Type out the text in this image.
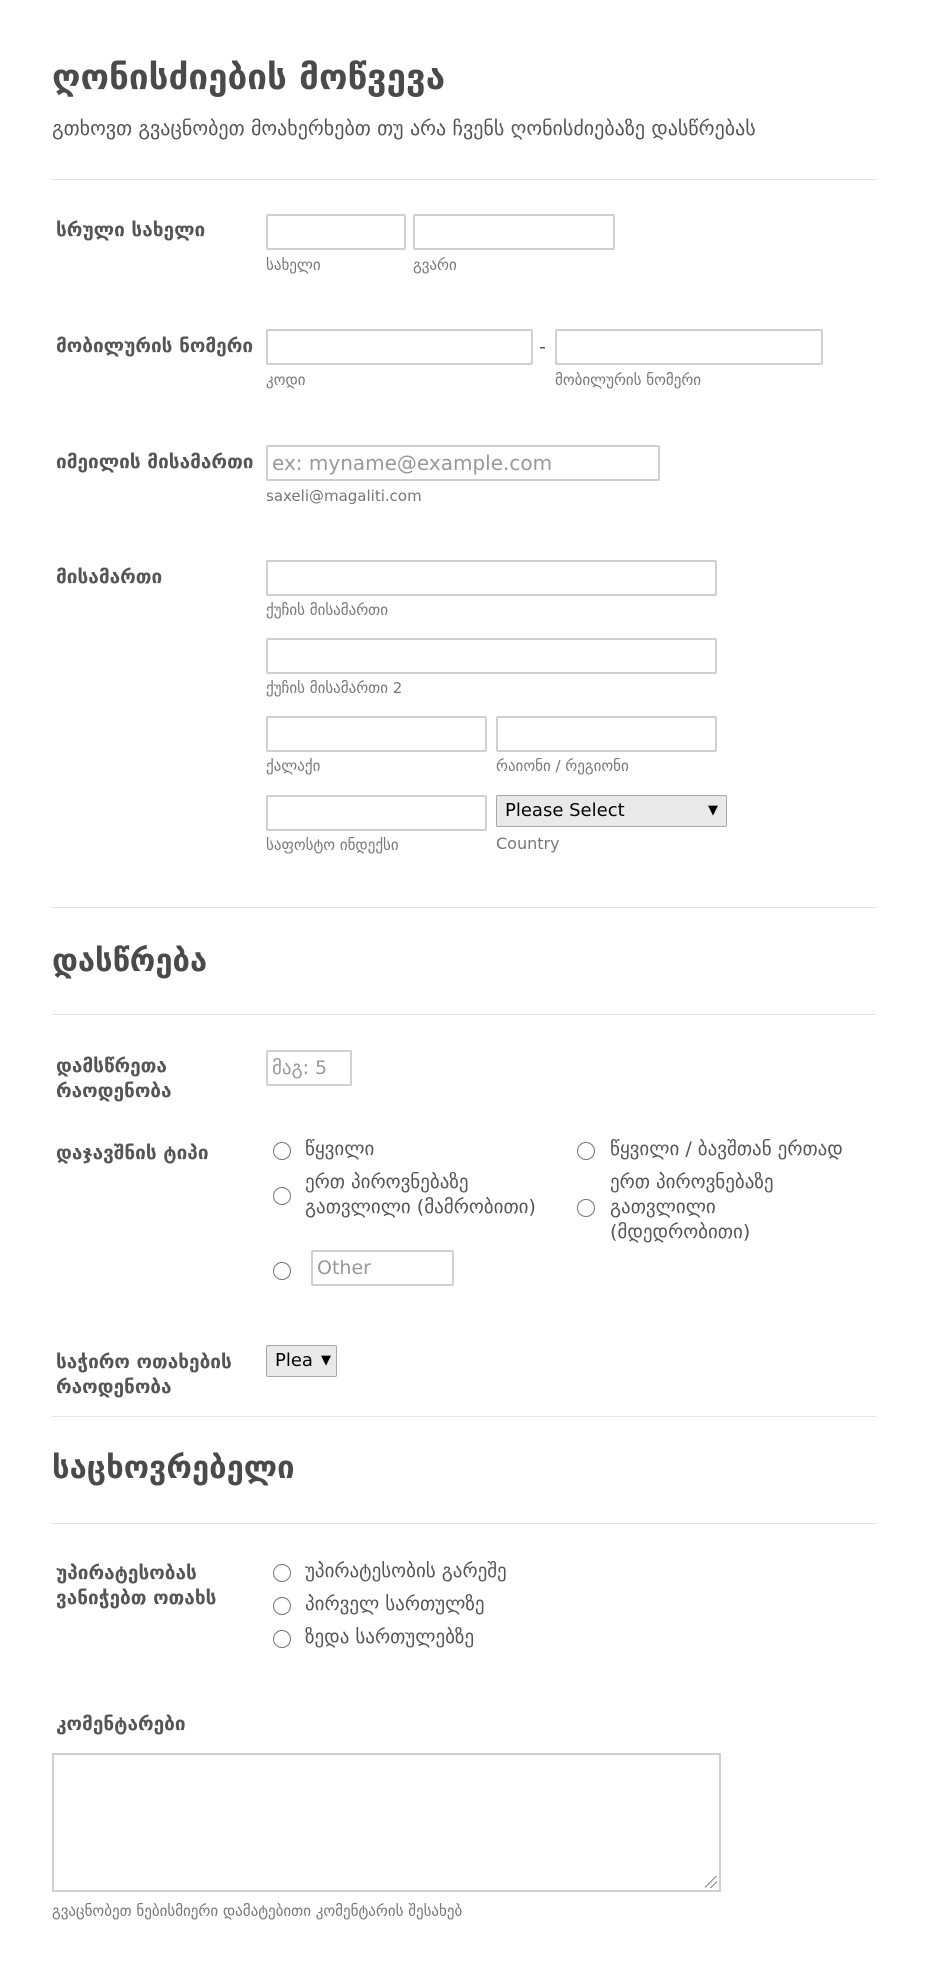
ღონისძიების მოწვევა
გთხოვთ გვაცნობეთ მოახერხებთ თუ არა ჩვენს ღონისძიებაზე დასწრებას
სრული სახელი
სახელი	გვარი
მობილურის ნომერი	-
კოდი	მობილურის ნომერი
იმეილის მისამართი ex: myname@example.com
saxeli@magaliti.com
მისამართი
ქუჩის მისამართი
ქუჩის მისამართი 2
ქალაქი	რაიონი / რეგიონი
Please Select	▼
საფოსტო ინდექსი	Country
დასწრება
დამსწრეთა
რაოდენობა
მაგ: 5
დაჯავშნის ტიპი	წყვილი	წყვილი / ბავშთან ერთად
ერთ პიროვნებაზე
გათვლილი (მამრობითი)
ერთ პიროვნებაზე
გათვლილი
(მდედრობითი)
Other
საჭირო ოთახების
რაოდენობა
Plea ▼
საცხოვრებელი
უპირატესობას
ვანიჭებთ ოთახს
უპირატესობის გარეშე
პირველ სართულზე
ზედა სართულებზე
კომენტარები
გვაცნობეთ ნებისმიერი დამატებითი კომენტარის შესახებ
